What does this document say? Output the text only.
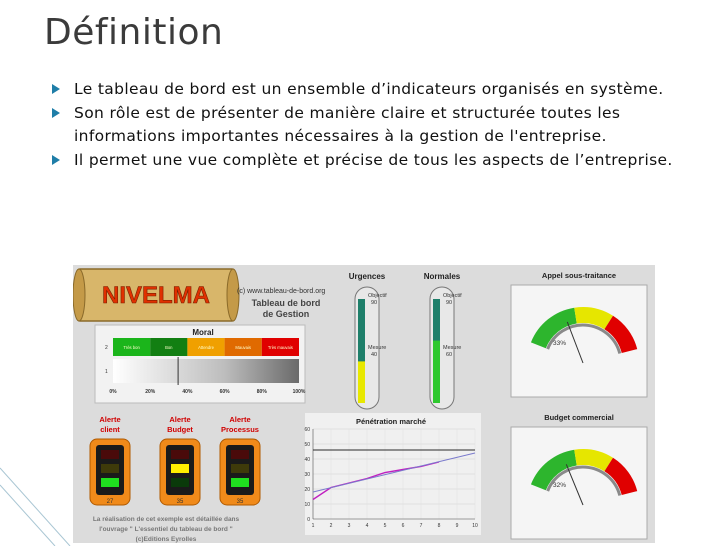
Définition
Le tableau de bord est un ensemble d’indicateurs organisés en système.
Son rôle est de présenter de manière claire et structurée toutes les informations importantes nécessaires à la gestion de l'entreprise.
Il permet une vue complète et précise de tous les aspects de l’entreprise.
NIVELMA	(c) www.tableau-de-bord.org
Tableau de bord
de Gestion
Moral
2
1
Très bon	Bon	Attendre	Mauvais	Très mauvais
0%	20%	40%	60%	80%	100%
Alerte
client
27
Alerte
Budget
35
Alerte
Processus
35
Urgences
Objectif
90
Mesure
40
Normales
Objectif
90
Mesure
60
Appel sous-traitance
33%
Budget commercial
32%
Pénétration marché
0
10
20
30
40
50
60
1	2	3	4	5	6	7	8	9	10
La réalisation de cet exemple est détaillée dans
l'ouvrage " L'essentiel du tableau de bord "
(c)Editions Eyrolles
